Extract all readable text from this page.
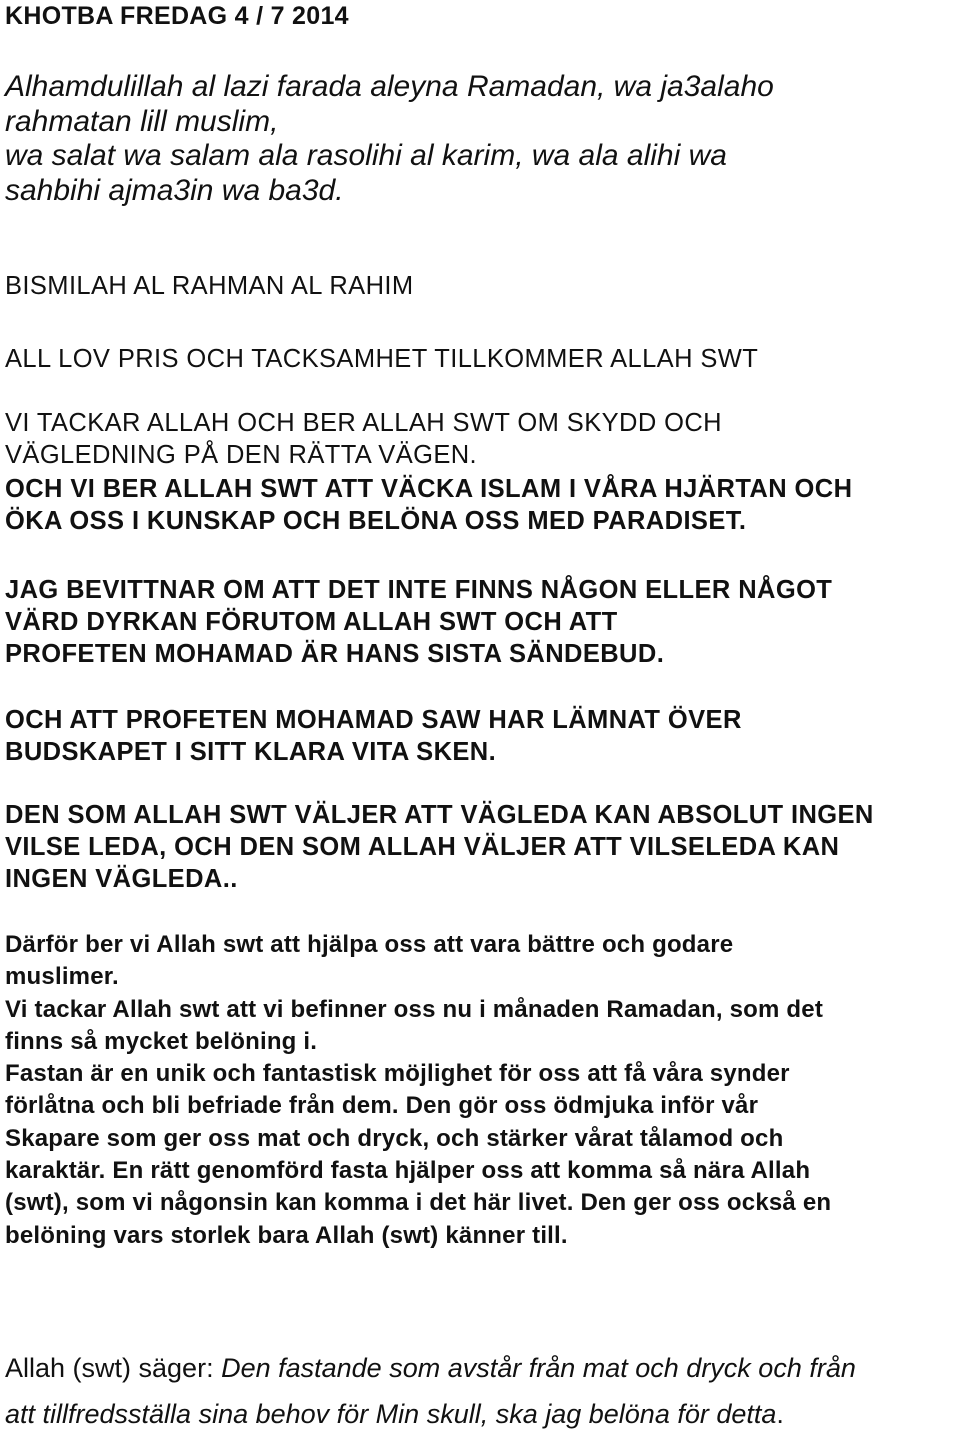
KHOTBA FREDAG 4 / 7 2014
Alhamdulillah al lazi farada aleyna Ramadan, wa ja3alaho
rahmatan lill muslim,
wa salat wa salam ala rasolihi al karim, wa ala alihi wa
sahbihi ajma3in wa ba3d.
BISMILAH AL RAHMAN AL RAHIM
ALL LOV PRIS OCH TACKSAMHET TILLKOMMER ALLAH SWT
VI TACKAR ALLAH OCH BER ALLAH SWT OM SKYDD OCH
VÄGLEDNING PÅ DEN RÄTTA VÄGEN.
OCH VI BER ALLAH SWT ATT VÄCKA ISLAM I VÅRA HJÄRTAN OCH
ÖKA OSS I KUNSKAP OCH BELÖNA OSS MED PARADISET.
JAG BEVITTNAR OM ATT DET INTE FINNS NÅGON ELLER NÅGOT
VÄRD DYRKAN FÖRUTOM ALLAH SWT OCH ATT
PROFETEN MOHAMAD ÄR HANS SISTA SÄNDEBUD.
OCH ATT PROFETEN MOHAMAD SAW HAR LÄMNAT ÖVER
BUDSKAPET I SITT KLARA VITA SKEN.
DEN SOM ALLAH SWT VÄLJER ATT VÄGLEDA KAN ABSOLUT INGEN
VILSE LEDA, OCH DEN SOM ALLAH VÄLJER ATT VILSELEDA KAN
INGEN VÄGLEDA..
Därför ber vi Allah swt att hjälpa oss att vara bättre och godare
muslimer.
Vi tackar Allah swt att vi befinner oss nu i månaden Ramadan, som det
finns så mycket belöning i.
Fastan är en unik och fantastisk möjlighet för oss att få våra synder
förlåtna och bli befriade från dem. Den gör oss ödmjuka inför vår
Skapare som ger oss mat och dryck, och stärker vårat tålamod och
karaktär. En rätt genomförd fasta hjälper oss att komma så nära Allah
(swt), som vi någonsin kan komma i det här livet. Den ger oss också en
belöning vars storlek bara Allah (swt) känner till.
Allah (swt) säger: Den fastande som avstår från mat och dryck och från
att tillfredsställa sina behov för Min skull, ska jag belöna för detta.
